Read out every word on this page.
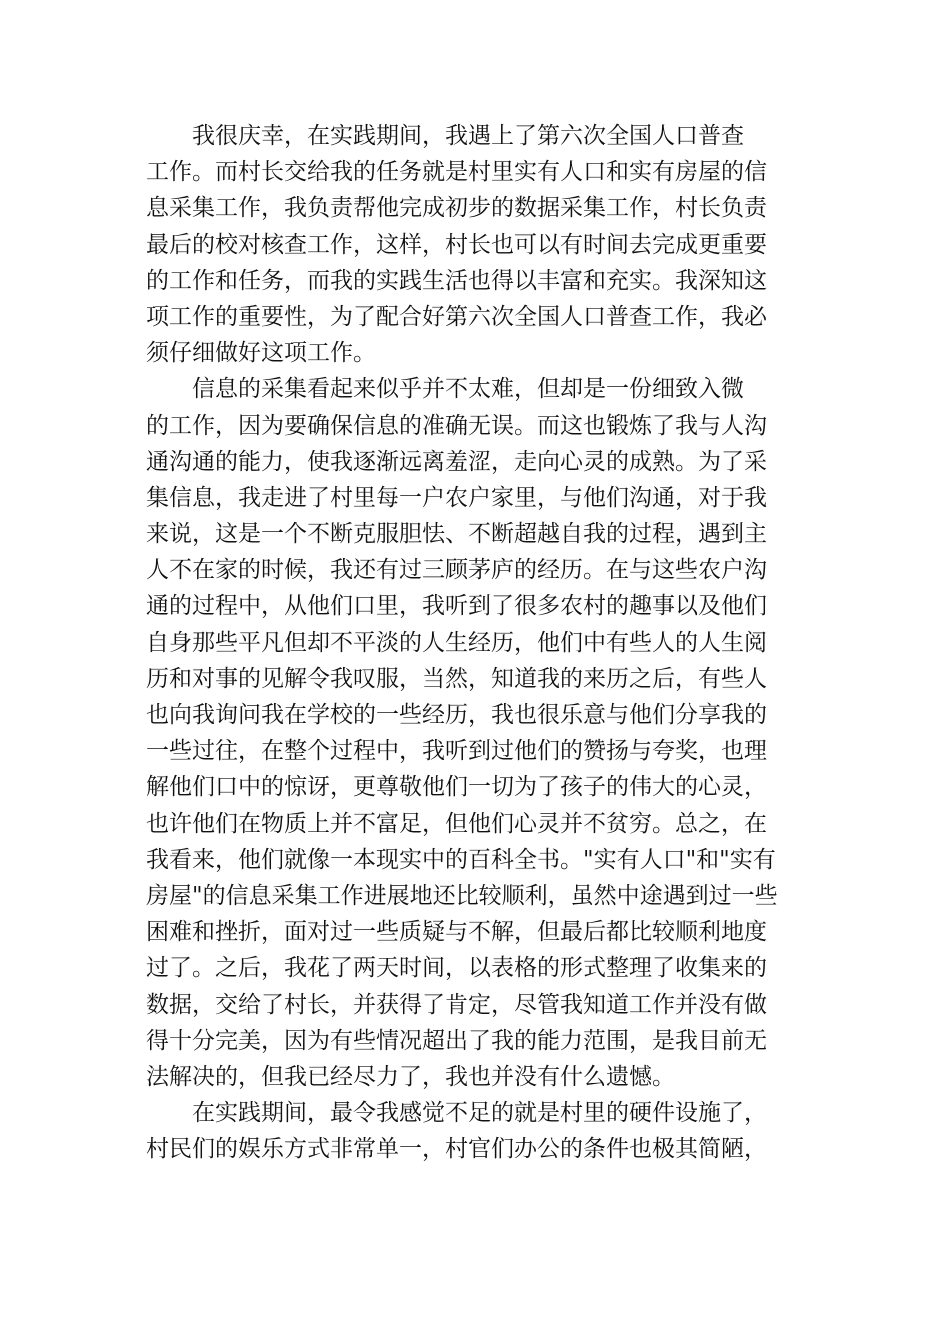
　　我很庆幸，在实践期间，我遇上了第六次全国人口普查
工作。而村长交给我的任务就是村里实有人口和实有房屋的信
息采集工作，我负责帮他完成初步的数据采集工作，村长负责
最后的校对核查工作，这样，村长也可以有时间去完成更重要
的工作和任务，而我的实践生活也得以丰富和充实。我深知这
项工作的重要性，为了配合好第六次全国人口普查工作，我必
须仔细做好这项工作。
　　信息的采集看起来似乎并不太难，但却是一份细致入微
的工作，因为要确保信息的准确无误。而这也锻炼了我与人沟
通沟通的能力，使我逐渐远离羞涩，走向心灵的成熟。为了采
集信息，我走进了村里每一户农户家里，与他们沟通，对于我
来说，这是一个不断克服胆怯、不断超越自我的过程，遇到主
人不在家的时候，我还有过三顾茅庐的经历。在与这些农户沟
通的过程中，从他们口里，我听到了很多农村的趣事以及他们
自身那些平凡但却不平淡的人生经历，他们中有些人的人生阅
历和对事的见解令我叹服，当然，知道我的来历之后，有些人
也向我询问我在学校的一些经历，我也很乐意与他们分享我的
一些过往，在整个过程中，我听到过他们的赞扬与夸奖，也理
解他们口中的惊讶，更尊敬他们一切为了孩子的伟大的心灵，
也许他们在物质上并不富足，但他们心灵并不贫穷。总之，在
我看来，他们就像一本现实中的百科全书。"实有人口"和"实有
房屋"的信息采集工作进展地还比较顺利，虽然中途遇到过一些
困难和挫折，面对过一些质疑与不解，但最后都比较顺利地度
过了。之后，我花了两天时间，以表格的形式整理了收集来的
数据，交给了村长，并获得了肯定，尽管我知道工作并没有做
得十分完美，因为有些情况超出了我的能力范围，是我目前无
法解决的，但我已经尽力了，我也并没有什么遗憾。
　　在实践期间，最令我感觉不足的就是村里的硬件设施了，
村民们的娱乐方式非常单一，村官们办公的条件也极其简陋，
